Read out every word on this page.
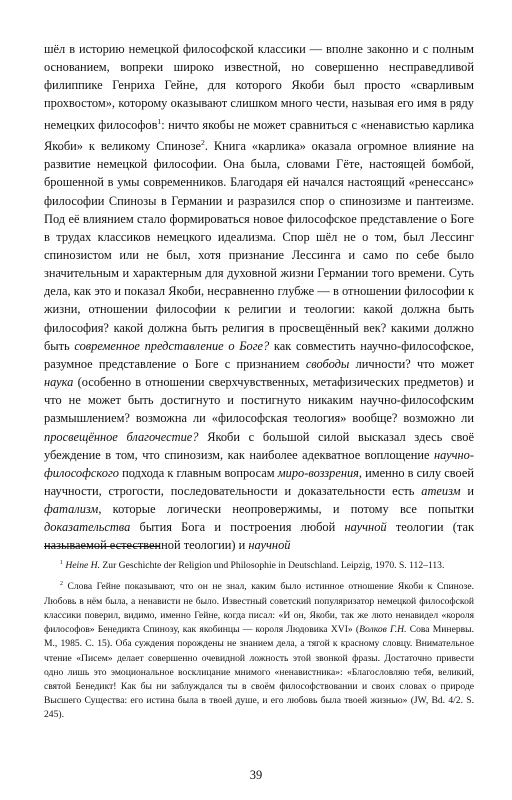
шёл в историю немецкой философской классики — вполне законно и с полным основанием, вопреки широко известной, но совершенно несправедливой филиппике Генриха Гейне, для которого Якоби был просто «сварливым прохвостом», которому оказывают слишком много чести, называя его имя в ряду немецких философов$^1$: ничто якобы не может сравниться с «ненавистью карлика Якоби» к великому Спинозе$^2$. Книга «карлика» оказала огромное влияние на развитие немецкой философии. Она была, словами Гёте, настоящей бомбой, брошенной в умы современников. Благодаря ей начался настоящий «ренессанс» философии Спинозы в Германии и разразился спор о спинозизме и пантеизме. Под её влиянием стало формироваться новое философское представление о Боге в трудах классиков немецкого идеализма. Спор шёл не о том, был Лессинг спинозистом или не был, хотя признание Лессинга и само по себе было значительным и характерным для духовной жизни Германии того времени. Суть дела, как это и показал Якоби, несравненно глубже — в отношении философии к жизни, отношении философии к религии и теологии: какой должна быть философия? какой должна быть религия в просвещённый век? какими должно быть современное представление о Боге? как совместить научно-философское, разумное представление о Боге с признанием свободы личности? что может наука (особенно в отношении сверхчувственных, метафизических предметов) и что не может быть достигнуто и постигнуто никаким научно-философским размышлением? возможна ли «философская теология» вообще? возможно ли просвещённое благочестие? Якоби с большой силой высказал здесь своё убеждение в том, что спинозизм, как наиболее адекватное воплощение научно-философского подхода к главным вопросам миро-воззрения, именно в силу своей научности, строгости, последовательности и доказательности есть атеизм и фатализм, которые логически неопровержимы, и потому все попытки доказательства бытия Бога и построения любой научной теологии (так называемой естественной теологии) и научной

$^1$ Heine H. Zur Geschichte der Religion und Philosophie in Deutschland. Leipzig, 1970. S. 112–113.

$^2$ Слова Гейне показывают, что он не знал, каким было истинное отношение Якоби к Спинозе. Любовь в нём была, а ненависти не было. Известный советский популяризатор немецкой философской классики поверил, видимо, именно Гейне, когда писал: «И он, Якоби, так же люто ненавидел «короля философов» Бенедикта Спинозу, как якобинцы — короля Людовика XVI» (Волков Г.Н. Сова Минервы. М., 1985. С. 15). Оба суждения порождены не знанием дела, а тягой к красному словцу. Внимательное чтение «Писем» делает совершенно очевидной ложность этой звонкой фразы. Достаточно привести одно лишь это эмоциональное восклицание мнимого «ненавистника»: «Благословляю тебя, великий, святой Бенедикт! Как бы ни заблуждался ты в своём философствовании и своих словах о природе Высшего Существа: его истина была в твоей душе, и его любовь была твоей жизнью» (JW, Bd. 4/2. S. 245).

39
